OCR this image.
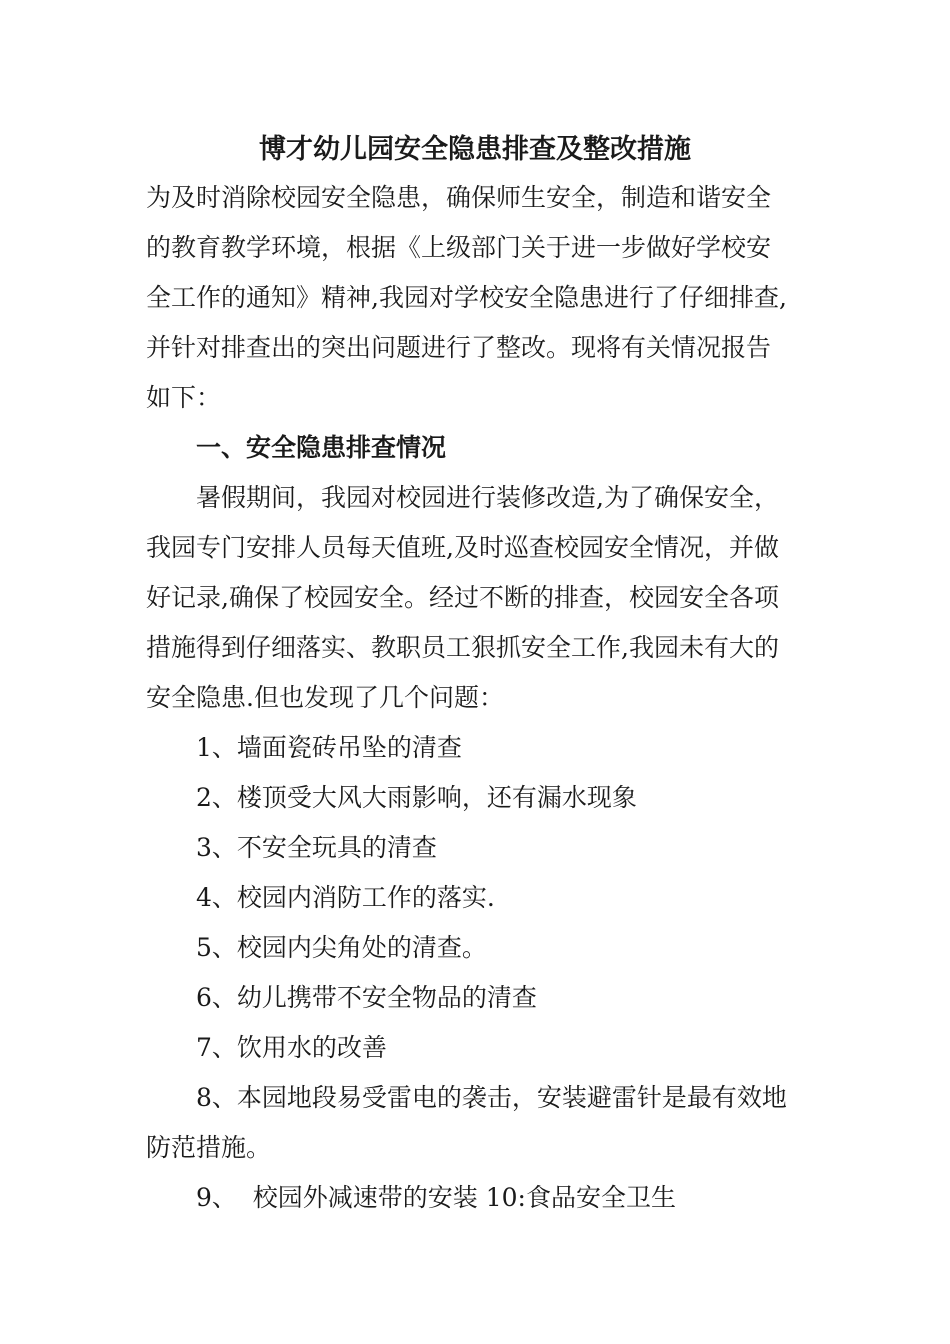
博才幼儿园安全隐患排查及整改措施
为及时消除校园安全隐患，确保师生安全，制造和谐安全
的教育教学环境，根据《上级部门关于进一步做好学校安
全工作的通知》精神,我园对学校安全隐患进行了仔细排查,
并针对排查出的突出问题进行了整改。现将有关情况报告
如下：
一、安全隐患排查情况
暑假期间，我园对校园进行装修改造,为了确保安全，
我园专门安排人员每天值班,及时巡查校园安全情况，并做
好记录,确保了校园安全。经过不断的排查，校园安全各项
措施得到仔细落实、教职员工狠抓安全工作,我园未有大的
安全隐患.但也发现了几个问题：
1、墙面瓷砖吊坠的清查
2、楼顶受大风大雨影响，还有漏水现象
3、不安全玩具的清查
4、校园内消防工作的落实.
5、校园内尖角处的清查。
6、幼儿携带不安全物品的清查
7、饮用水的改善
8、本园地段易受雷电的袭击，安装避雷针是最有效地
防范措施。
9、  校园外减速带的安装 10:食品安全卫生
